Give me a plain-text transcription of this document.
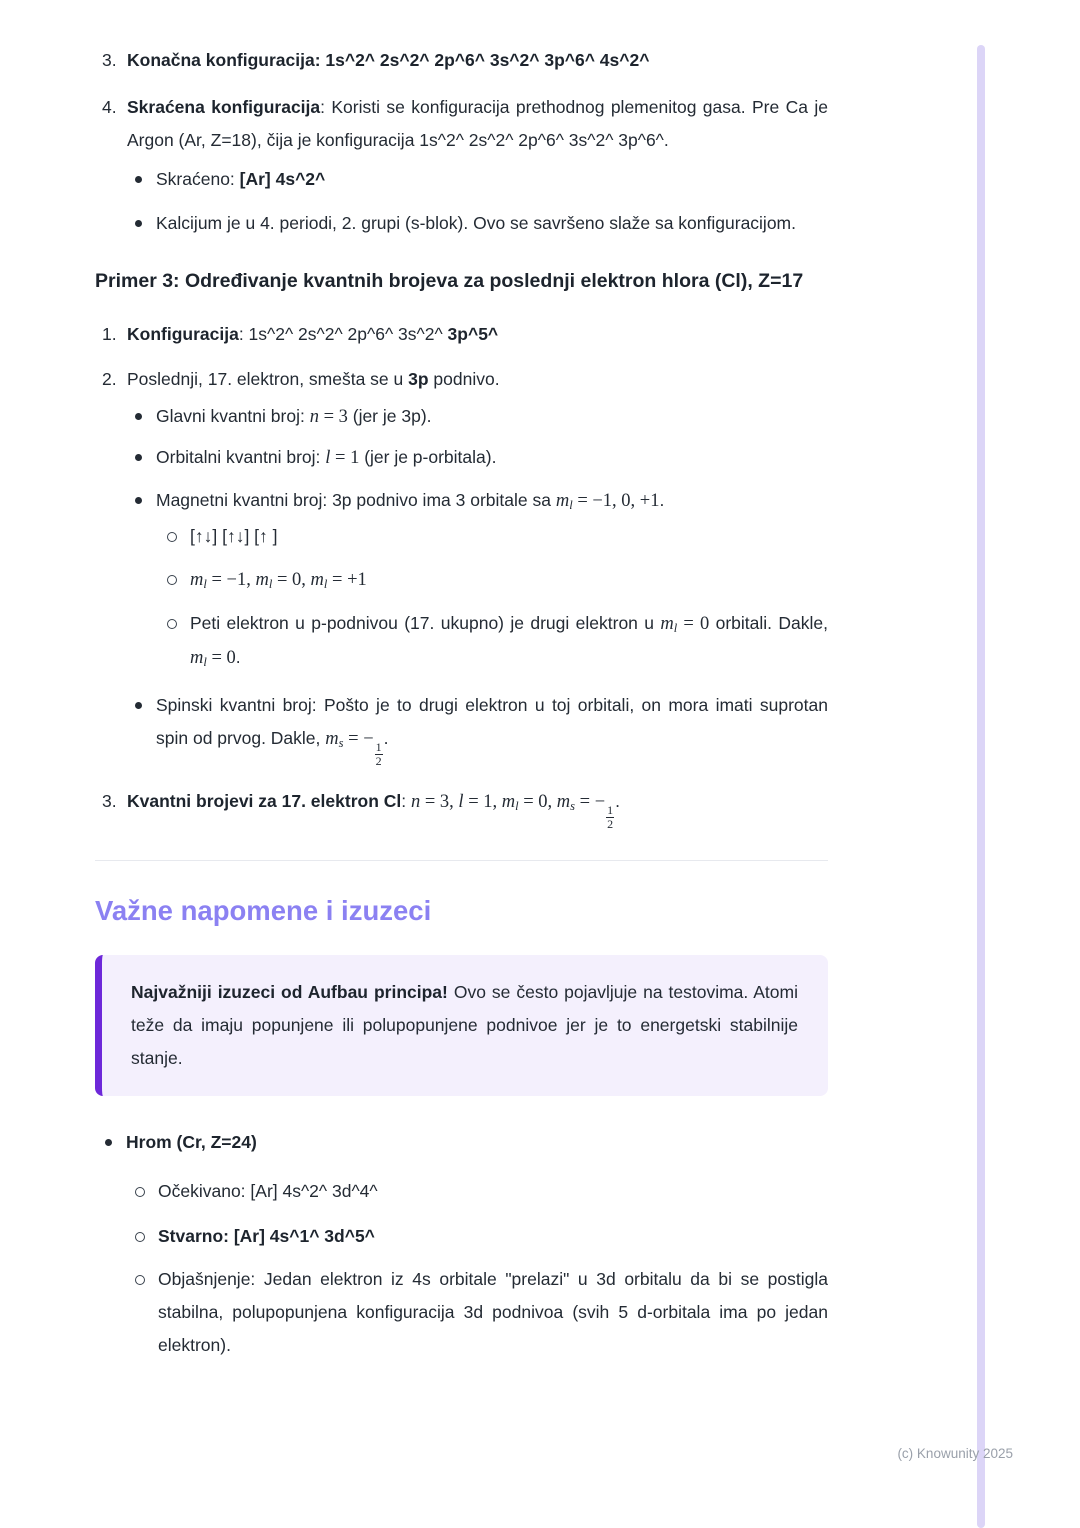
3. Konačna konfiguracija: 1s^2^ 2s^2^ 2p^6^ 3s^2^ 3p^6^ 4s^2^

4. Skraćena konfiguracija: Koristi se konfiguracija prethodnog plemenitog gasa. Pre Ca je Argon (Ar, Z=18), čija je konfiguracija 1s^2^ 2s^2^ 2p^6^ 3s^2^ 3p^6^.

Skraćeno: [Ar] 4s^2^

Kalcijum je u 4. periodi, 2. grupi (s-blok). Ovo se savršeno slaže sa konfiguracijom.

Primer 3: Određivanje kvantnih brojeva za poslednji elektron hlora (Cl), Z=17
1. Konfiguracija: 1s^2^ 2s^2^ 2p^6^ 3s^2^ 3p^5^

2. Poslednji, 17. elektron, smešta se u 3p podnivo.

Glavni kvantni broj: n = 3 (jer je 3p).

Orbitalni kvantni broj: l = 1 (jer je p-orbitala).

Magnetni kvantni broj: 3p podnivo ima 3 orbitale sa $m_l = -1$, 0, +1.

[↑↓] [↑↓] [↑ ]

$m_l = -1$, $m_l = 0$, $m_l = +1$

Peti elektron u p-podnivou (17. ukupno) je drugi elektron u $m_l = 0$ orbitali. Dakle, $m_l = 0$.

Spinski kvantni broj: Pošto je to drugi elektron u toj orbitali, on mora imati suprotan spin od prvog. Dakle, $m_s$ = −
$\frac{1}{2}$
.

3. Kvantni brojevi za 17. elektron Cl: n = 3, l = 1, $m_l = 0$, $m_s$ = −
$\frac{1}{2}$
.

Važne napomene i izuzeci

Najvažniji izuzeci od Aufbau principa! Ovo se često pojavljuje na testovima. Atomi teže da imaju popunjene ili polupopunjene podnivoe jer je to energetski stabilnije stanje.

Hrom (Cr, Z=24)

Očekivano: [Ar] 4s^2^ 3d^4^

Stvarno: [Ar] 4s^1^ 3d^5^

Objašnjenje: Jedan elektron iz 4s orbitale "prelazi" u 3d orbitalu da bi se postigla stabilna, polupopunjena konfiguracija 3d podnivoa (svih 5 d-orbitala ima po jedan elektron).

(c) Knowunity 2025
